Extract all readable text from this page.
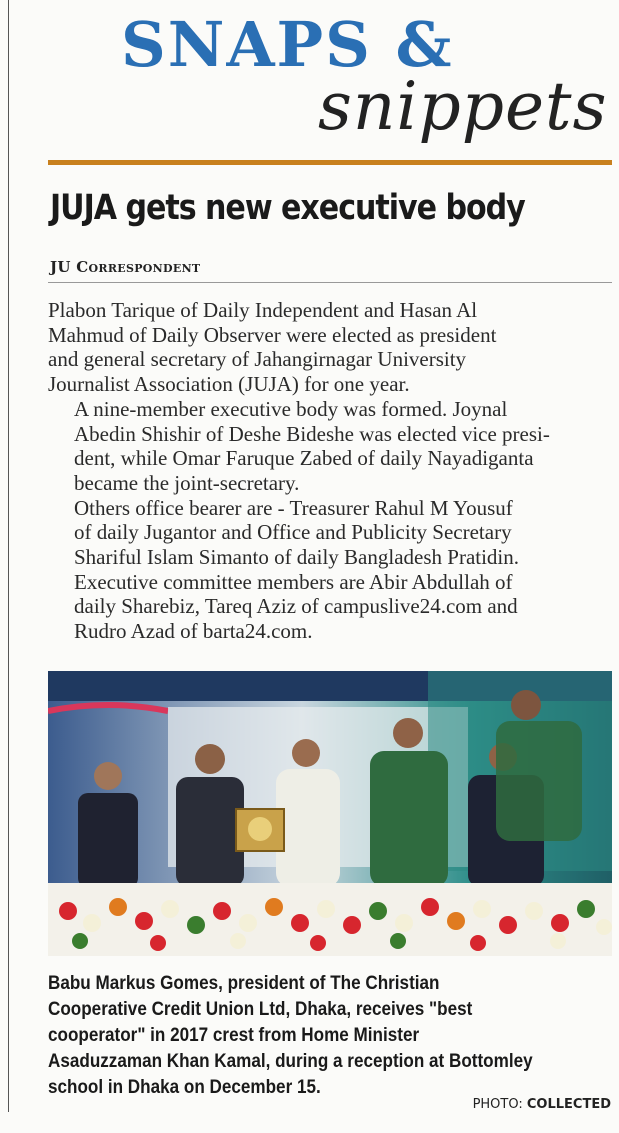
SNAPS &
snippets
JUJA gets new executive body
JU Correspondent

Plabon Tarique of Daily Independent and Hasan Al
Mahmud of Daily Observer were elected as president
and general secretary of Jahangirnagar University
Journalist Association (JUJA) for one year.

A nine-member executive body was formed. Joynal
Abedin Shishir of Deshe Bideshe was elected vice presi-
dent, while Omar Faruque Zabed of daily Nayadiganta
became the joint-secretary.

Others office bearer are - Treasurer Rahul M Yousuf
of daily Jugantor and Office and Publicity Secretary
Shariful Islam Simanto of daily Bangladesh Pratidin.
Executive committee members are Abir Abdullah of
daily Sharebiz, Tareq Aziz of campuslive24.com and
Rudro Azad of barta24.com.

Babu Markus Gomes, president of The Christian
Cooperative Credit Union Ltd, Dhaka, receives "best
cooperator" in 2017 crest from Home Minister
Asaduzzaman Khan Kamal, during a reception at Bottomley
school in Dhaka on December 15.
PHOTO: COLLECTED
